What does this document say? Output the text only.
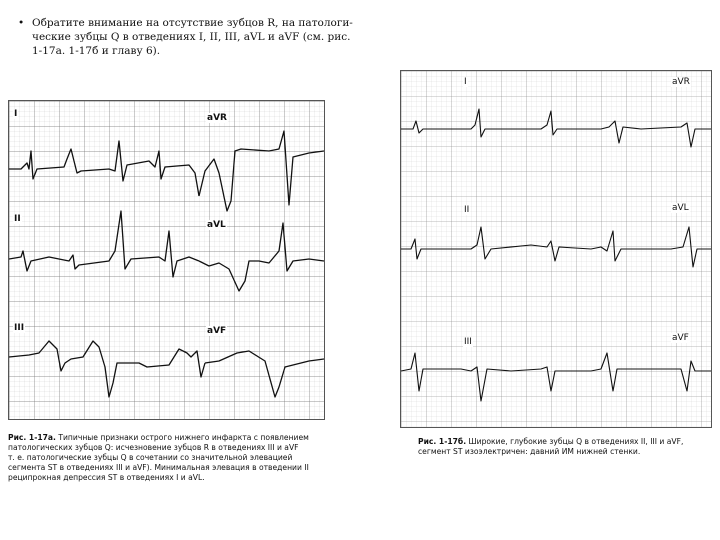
• Обратите внимание на отсутствие зубцов R, на патологи-
ческие зубцы Q в отведениях I, II, III, aVL и aVF (см. рис.
1-17а. 1-17б и главу 6).
I	aVR
II
aVL
III	aVF
Рис. 1-17а. Типичные признаки острого нижнего инфаркта с появлением
патологических зубцов Q: исчезновение зубцов R в отведениях III и aVF
т. е. патологические зубцы Q в сочетании со значительной элевацией
сегмента ST в отведениях III и aVF). Минимальная элевация в отведении II
реципрокная депрессия ST в отведениях I и aVL.
I	aVR
II	aVL
III	aVF
Рис. 1-17б. Широкие, глубокие зубцы Q в отведениях II, III и aVF,
сегмент ST изоэлектричен: давний ИМ нижней стенки.
